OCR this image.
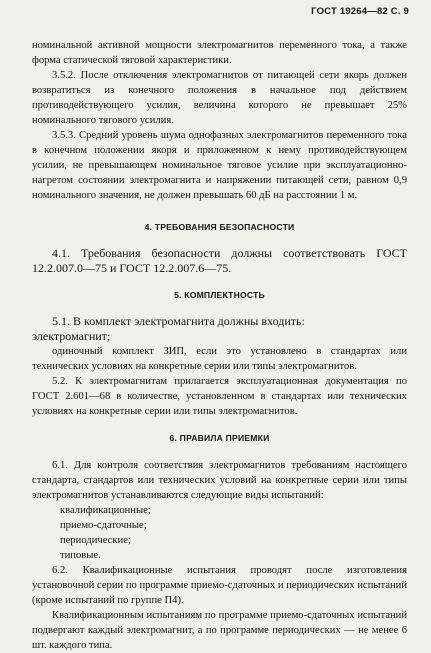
ГОСТ 19264—82 С. 9

номинальной активной мощности электромагнитов переменного тока, а также форма статической тяговой характеристики.

3.5.2. После отключения электромагнитов от питающей сети якорь должен возвратиться из конечного положения в начальное под действием противодействующего усилия, величина которого не превышает 25% номинального тягового усилия.

3.5.3. Средний уровень шума однофазных электромагнитов переменного тока в конечном положении якоря и приложенном к нему противодействующем усилии, не превышающем номинальное тяговое усилие при эксплуатационно-нагретом состоянии электромагнита и напряжении питающей сети, равном 0,9 номинального значения, не должен превышать 60 дБ на расстоянии 1 м.

4. ТРЕБОВАНИЯ БЕЗОПАСНОСТИ

4.1. Требования безопасности должны соответствовать ГОСТ 12.2.007.0—75 и ГОСТ 12.2.007.6—75.

5. КОМПЛЕКТНОСТЬ

5.1. В комплект электромагнита должны входить:

электромагнит;

одиночный комплект ЗИП, если это установлено в стандартах или технических условиях на конкретные серии или типы электромагнитов.

5.2. К электромагнитам прилагается эксплуатационная документация по ГОСТ 2.601—68 в количестве, установленном в стандартах или технических условиях на конкретные серии или типы электромагнитов.

6. ПРАВИЛА ПРИЕМКИ

6.1. Для контроля соответствия электромагнитов требованиям настоящего стандарта, стандартов или технических условий на конкретные серии или типы электромагнитов устанавливаются следующие виды испытаний:

квалификационные;

приемо-сдаточные;

периодические;

типовые.

6.2. Квалификационные испытания проводят после изготовления установочной серии по программе приемо-сдаточных и периодических испытаний (кроме испытаний по группе П4).

Квалификационным испытаниям по программе приемо-сдаточных испытаний подвергают каждый электромагнит, а по программе периодических — не менее 6 шт. каждого типа.
